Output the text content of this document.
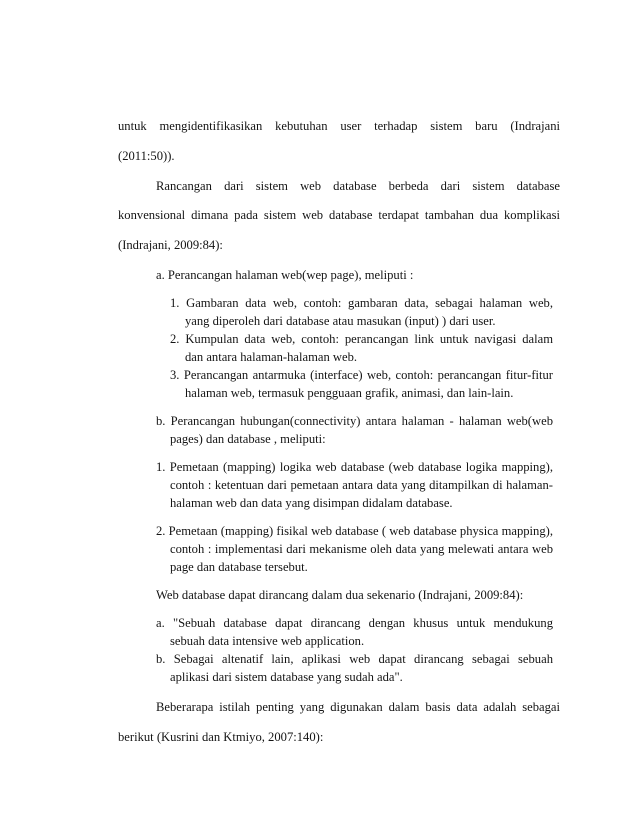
untuk mengidentifikasikan kebutuhan user terhadap sistem baru (Indrajani
(2011:50)).
Rancangan dari sistem web database berbeda dari sistem database
konvensional dimana pada sistem web database terdapat tambahan dua komplikasi
(Indrajani, 2009:84):
a. Perancangan halaman web(wep page), meliputi :
1. Gambaran data web, contoh: gambaran data, sebagai halaman web,
yang diperoleh dari database atau masukan (input) ) dari user.
2. Kumpulan data web, contoh: perancangan link untuk navigasi dalam
dan antara halaman-halaman web.
3. Perancangan antarmuka (interface) web, contoh: perancangan fitur-fitur
halaman web, termasuk pengguaan grafik, animasi, dan lain-lain.
b. Perancangan hubungan(connectivity) antara halaman - halaman web(web
pages) dan database , meliputi:
1. Pemetaan (mapping) logika web database (web database logika mapping),
contoh : ketentuan dari pemetaan antara data yang ditampilkan di halaman-
halaman web dan data yang disimpan didalam database.
2. Pemetaan (mapping) fisikal web database ( web database physica mapping),
contoh : implementasi dari mekanisme oleh data yang melewati antara web
page dan database tersebut.
Web database dapat dirancang dalam dua sekenario (Indrajani, 2009:84):
a. "Sebuah database dapat dirancang dengan khusus untuk mendukung
sebuah data intensive web application.
b. Sebagai altenatif lain, aplikasi web dapat dirancang sebagai sebuah
aplikasi dari sistem database yang sudah ada".
Beberarapa istilah penting yang digunakan dalam basis data adalah sebagai
berikut (Kusrini dan Ktmiyo, 2007:140):
